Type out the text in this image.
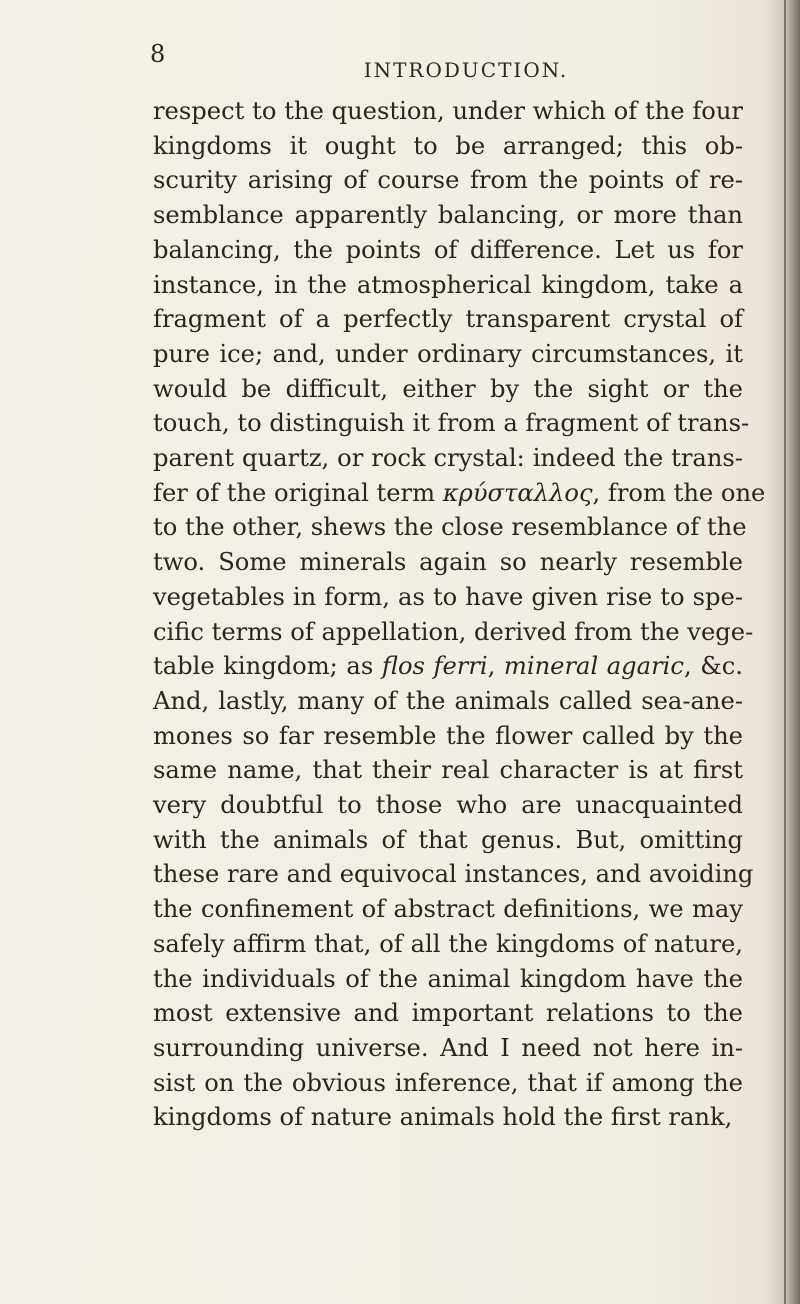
8
INTRODUCTION.
respect to the question, under which of the four
kingdoms it ought to be arranged; this ob-
scurity arising of course from the points of re-
semblance apparently balancing, or more than
balancing, the points of difference. Let us for
instance, in the atmospherical kingdom, take a
fragment of a perfectly transparent crystal of
pure ice; and, under ordinary circumstances, it
would be difficult, either by the sight or the
touch, to distinguish it from a fragment of trans-
parent quartz, or rock crystal: indeed the trans-
fer of the original term κρύσταλλος, from the one
to the other, shews the close resemblance of the
two. Some minerals again so nearly resemble
vegetables in form, as to have given rise to spe-
cific terms of appellation, derived from the vege-
table kingdom; as flos ferri, mineral agaric, &c.
And, lastly, many of the animals called sea-ane-
mones so far resemble the flower called by the
same name, that their real character is at first
very doubtful to those who are unacquainted
with the animals of that genus. But, omitting
these rare and equivocal instances, and avoiding
the confinement of abstract definitions, we may
safely affirm that, of all the kingdoms of nature,
the individuals of the animal kingdom have the
most extensive and important relations to the
surrounding universe. And I need not here in-
sist on the obvious inference, that if among the
kingdoms of nature animals hold the first rank,
